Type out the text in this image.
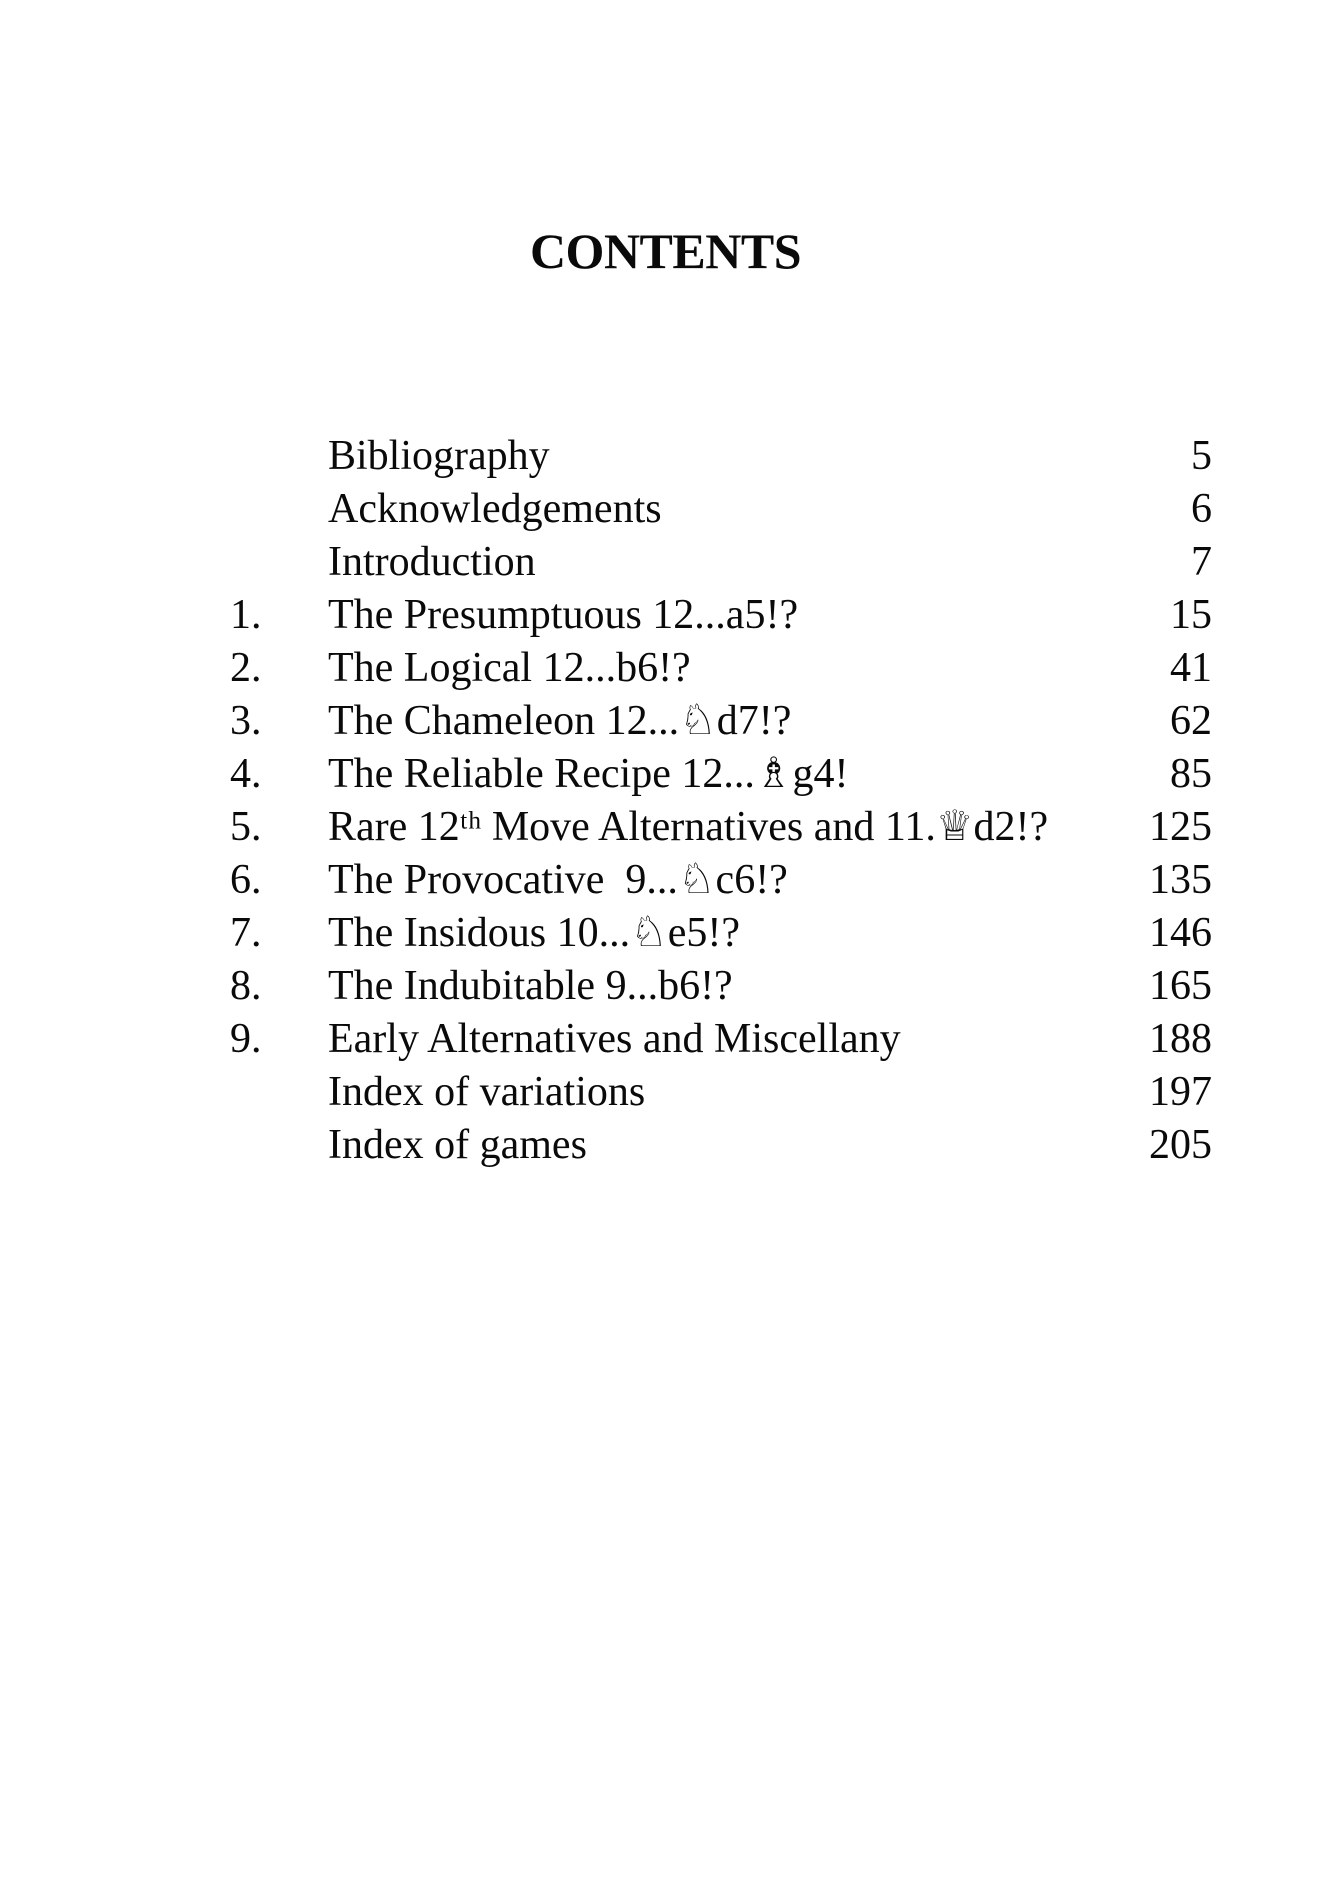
CONTENTS
Bibliography	5
Acknowledgements	6
Introduction	7
1.	The Presumptuous 12...a5!?	15
2.	The Logical 12...b6!?	41
3.	The Chameleon 12...♘d7!?	62
4.	The Reliable Recipe 12...♗g4!	85
5.	Rare 12ᵗʰ Move Alternatives and 11.♕d2!?	125
6.	The Provocative  9...♘c6!?	135
7.	The Insidous 10...♘e5!?	146
8.	The Indubitable 9...b6!?	165
9.	Early Alternatives and Miscellany	188
Index of variations	197
Index of games	205
